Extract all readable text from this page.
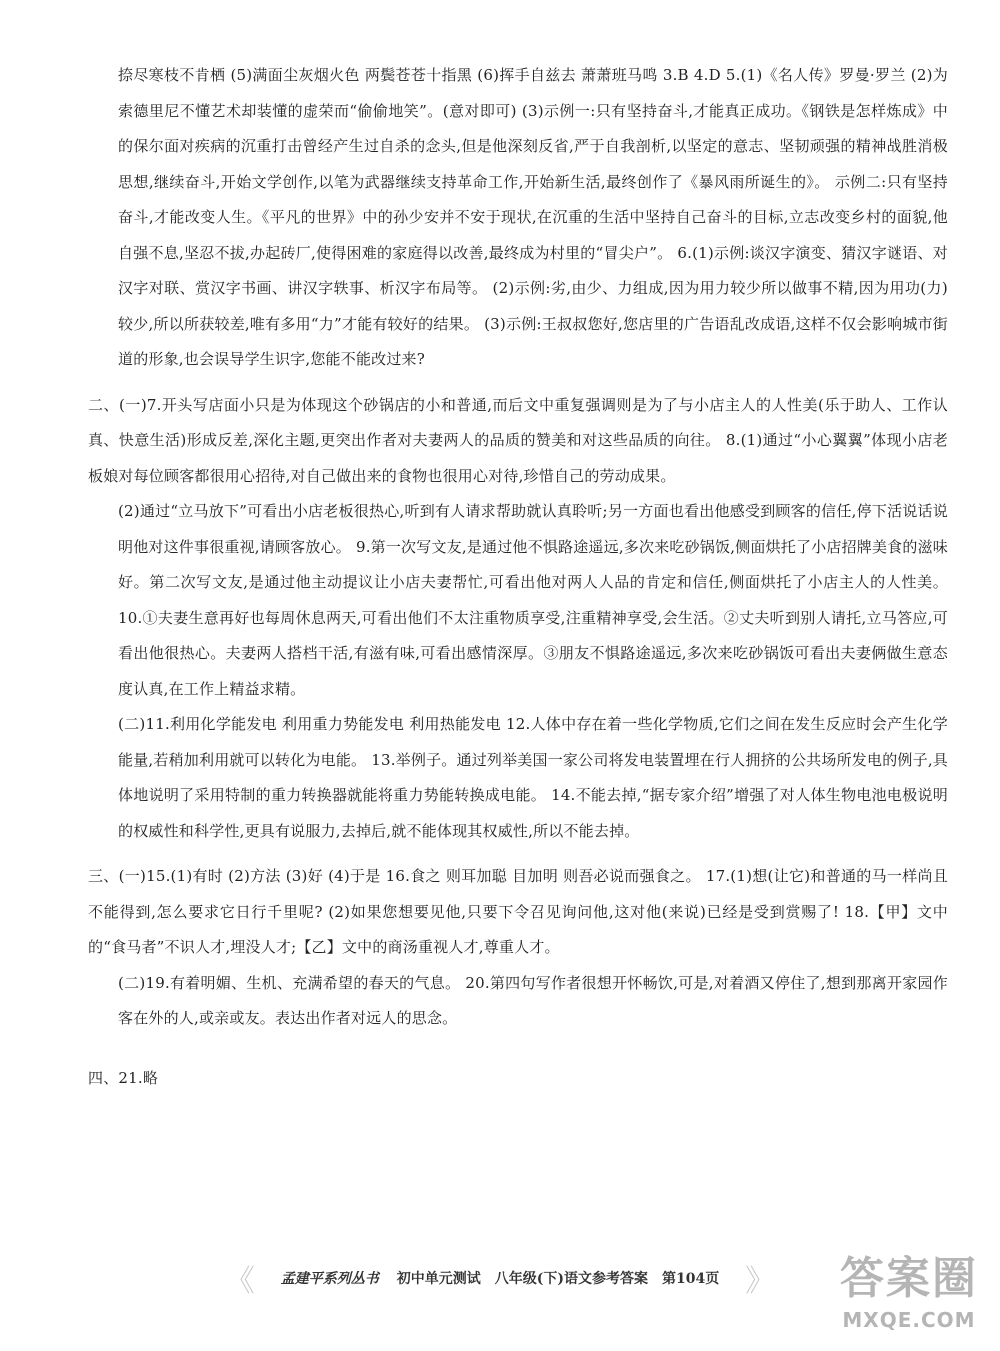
捺尽寒枝不肯栖 (5)满面尘灰烟火色 两鬓苍苍十指黑 (6)挥手自兹去 萧萧班马鸣 3.B 4.D 5.(1)《名人传》罗曼·罗兰 (2)为索德里尼不懂艺术却装懂的虚荣而“偷偷地笑”。(意对即可) (3)示例一:只有坚持奋斗,才能真正成功。《钢铁是怎样炼成》中的保尔面对疾病的沉重打击曾经产生过自杀的念头,但是他深刻反省,严于自我剖析,以坚定的意志、坚韧顽强的精神战胜消极思想,继续奋斗,开始文学创作,以笔为武器继续支持革命工作,开始新生活,最终创作了《暴风雨所诞生的》。 示例二:只有坚持奋斗,才能改变人生。《平凡的世界》中的孙少安并不安于现状,在沉重的生活中坚持自己奋斗的目标,立志改变乡村的面貌,他自强不息,坚忍不拔,办起砖厂,使得困难的家庭得以改善,最终成为村里的“冒尖户”。 6.(1)示例:谈汉字演变、猜汉字谜语、对汉字对联、赏汉字书画、讲汉字轶事、析汉字布局等。 (2)示例:劣,由少、力组成,因为用力较少所以做事不精,因为用功(力)较少,所以所获较差,唯有多用“力”才能有较好的结果。 (3)示例:王叔叔您好,您店里的广告语乱改成语,这样不仅会影响城市街道的形象,也会误导学生识字,您能不能改过来?

二、(一)7.开头写店面小只是为体现这个砂锅店的小和普通,而后文中重复强调则是为了与小店主人的人性美(乐于助人、工作认真、快意生活)形成反差,深化主题,更突出作者对夫妻两人的品质的赞美和对这些品质的向往。 8.(1)通过“小心翼翼”体现小店老板娘对每位顾客都很用心招待,对自己做出来的食物也很用心对待,珍惜自己的劳动成果。

(2)通过“立马放下”可看出小店老板很热心,听到有人请求帮助就认真聆听;另一方面也看出他感受到顾客的信任,停下活说话说明他对这件事很重视,请顾客放心。 9.第一次写文友,是通过他不惧路途遥远,多次来吃砂锅饭,侧面烘托了小店招牌美食的滋味好。第二次写文友,是通过他主动提议让小店夫妻帮忙,可看出他对两人人品的肯定和信任,侧面烘托了小店主人的人性美。 10.①夫妻生意再好也每周休息两天,可看出他们不太注重物质享受,注重精神享受,会生活。②丈夫听到别人请托,立马答应,可看出他很热心。夫妻两人搭档干活,有滋有味,可看出感情深厚。③朋友不惧路途遥远,多次来吃砂锅饭可看出夫妻俩做生意态度认真,在工作上精益求精。

(二)11.利用化学能发电 利用重力势能发电 利用热能发电 12.人体中存在着一些化学物质,它们之间在发生反应时会产生化学能量,若稍加利用就可以转化为电能。 13.举例子。通过列举美国一家公司将发电装置埋在行人拥挤的公共场所发电的例子,具体地说明了采用特制的重力转换器就能将重力势能转换成电能。 14.不能去掉,“据专家介绍”增强了对人体生物电池电极说明的权威性和科学性,更具有说服力,去掉后,就不能体现其权威性,所以不能去掉。

三、(一)15.(1)有时 (2)方法 (3)好 (4)于是 16.食之 则耳加聪 目加明 则吾必说而强食之。 17.(1)想(让它)和普通的马一样尚且不能得到,怎么要求它日行千里呢? (2)如果您想要见他,只要下令召见询问他,这对他(来说)已经是受到赏赐了! 18.【甲】文中的“食马者”不识人才,埋没人才;【乙】文中的商汤重视人才,尊重人才。

(二)19.有着明媚、生机、充满希望的春天的气息。 20.第四句写作者很想开怀畅饮,可是,对着酒又停住了,想到那离开家园作客在外的人,或亲或友。表达出作者对远人的思念。

四、21.略

《 孟建平系列丛书 初中单元测试 八年级(下)语文参考答案 第104页 》 答案圈
MXQE.COM
